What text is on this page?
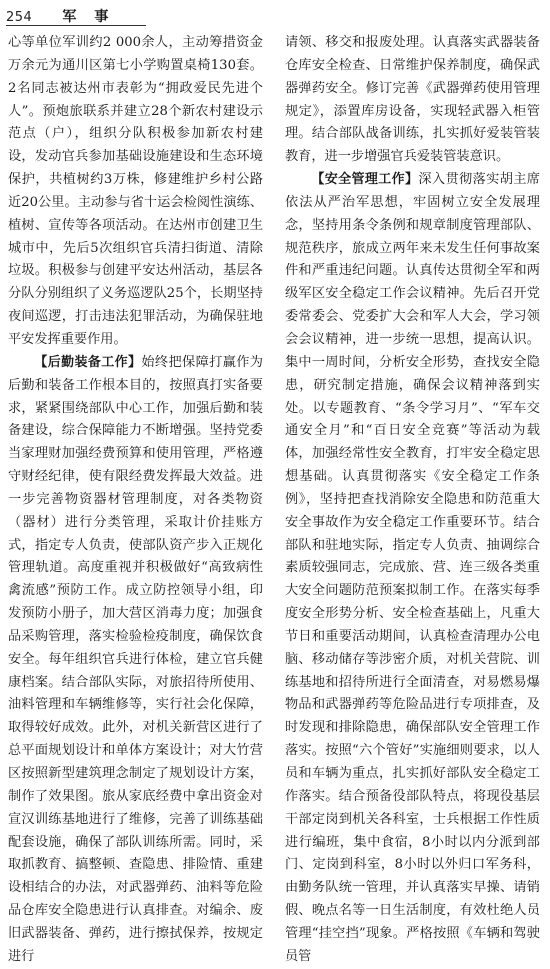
254 军事

心等单位军训约2 000余人，主动筹措资金万余元为通川区第七小学购置桌椅130套。2名同志被达州市表彰为“拥政爱民先进个人”。预炮旅联系并建立28个新农村建设示范点（户），组织分队积极参加新农村建设，发动官兵参加基础设施建设和生态环境保护，共植树约3万株，修建维护乡村公路近20公里。主动参与省十运会检阅性演练、植树、宣传等各项活动。在达州市创建卫生城市中，先后5次组织官兵清扫街道、清除垃圾。积极参与创建平安达州活动，基层各分队分别组织了义务巡逻队25个，长期坚持夜间巡逻，打击违法犯罪活动，为确保驻地平安发挥重要作用。

【后勤装备工作】始终把保障打赢作为后勤和装备工作根本目的，按照真打实备要求，紧紧围绕部队中心工作，加强后勤和装备建设，综合保障能力不断增强。坚持党委当家理财加强经费预算和使用管理，严格遵守财经纪律，使有限经费发挥最大效益。进一步完善物资器材管理制度，对各类物资（器材）进行分类管理，采取计价挂账方式，指定专人负责，使部队资产步入正规化管理轨道。高度重视并积极做好“高致病性禽流感”预防工作。成立防控领导小组，印发预防小册子，加大营区消毒力度；加强食品采购管理，落实检验检疫制度，确保饮食安全。每年组织官兵进行体检，建立官兵健康档案。结合部队实际，对旅招待所使用、油料管理和车辆维修等，实行社会化保障，取得较好成效。此外，对机关新营区进行了总平面规划设计和单体方案设计；对大竹营区按照新型建筑理念制定了规划设计方案，制作了效果图。旅从家底经费中拿出资金对宣汉训练基地进行了维修，完善了训练基础配套设施，确保了部队训练所需。同时，采取抓教育、搞整顿、查隐患、排险情、重建设相结合的办法，对武器弹药、油料等危险品仓库安全隐患进行认真排查。对编余、废旧武器装备、弹药，进行擦拭保养，按规定进行

请领、移交和报废处理。认真落实武器装备仓库安全检查、日常维护保养制度，确保武器弹药安全。修订完善《武器弹药使用管理规定》，添置库房设备，实现轻武器入柜管理。结合部队战备训练，扎实抓好爱装管装教育，进一步增强官兵爱装管装意识。

【安全管理工作】深入贯彻落实胡主席依法从严治军思想，牢固树立安全发展理念，坚持用条令条例和规章制度管理部队、规范秩序，旅成立两年来未发生任何事故案件和严重违纪问题。认真传达贯彻全军和两级军区安全稳定工作会议精神。先后召开党委常委会、党委扩大会和军人大会，学习领会会议精神，进一步统一思想，提高认识。集中一周时间，分析安全形势，查找安全隐患，研究制定措施，确保会议精神落到实处。以专题教育、“条令学习月”、“军车交通安全月”和“百日安全竞赛”等活动为载体，加强经常性安全教育，打牢安全稳定思想基础。认真贯彻落实《安全稳定工作条例》，坚持把查找消除安全隐患和防范重大安全事故作为安全稳定工作重要环节。结合部队和驻地实际，指定专人负责、抽调综合素质较强同志，完成旅、营、连三级各类重大安全问题防范预案拟制工作。在落实每季度安全形势分析、安全检查基础上，凡重大节日和重要活动期间，认真检查清理办公电脑、移动储存等涉密介质，对机关营院、训练基地和招待所进行全面清查，对易燃易爆物品和武器弹药等危险品进行专项排查，及时发现和排除隐患，确保部队安全管理工作落实。按照“六个管好”实施细则要求，以人员和车辆为重点，扎实抓好部队安全稳定工作落实。结合预备役部队特点，将现役基层干部定岗到机关各科室，士兵根据工作性质进行编班，集中食宿，8小时以内分派到部门、定岗到科室，8小时以外归口军务科，由勤务队统一管理，并认真落实早操、请销假、晚点名等一日生活制度，有效杜绝人员管理“挂空挡”现象。严格按照《车辆和驾驶员管
